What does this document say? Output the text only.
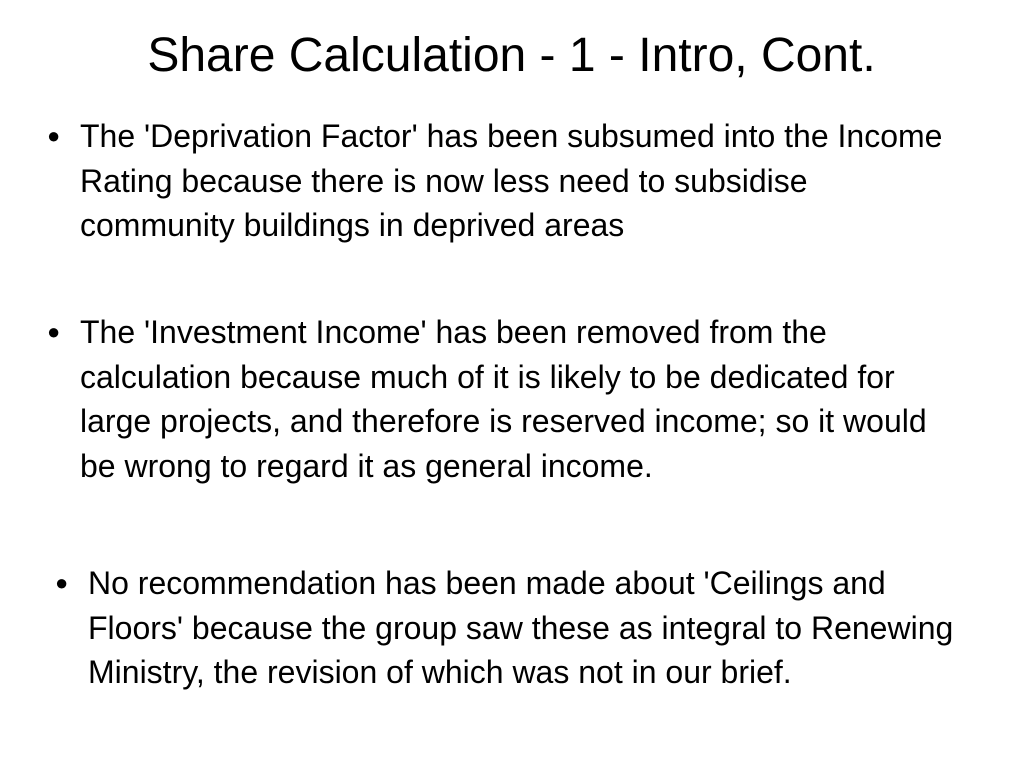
Share Calculation - 1 - Intro, Cont.

● The 'Deprivation Factor' has been subsumed into the Income Rating because there is now less need to subsidise community buildings in deprived areas

● The 'Investment Income' has been removed from the calculation because much of it is likely to be dedicated for large projects, and therefore is reserved income; so it would be wrong to regard it as general income.

● No recommendation has been made about 'Ceilings and Floors' because the group saw these as integral to Renewing Ministry, the revision of which was not in our brief.
